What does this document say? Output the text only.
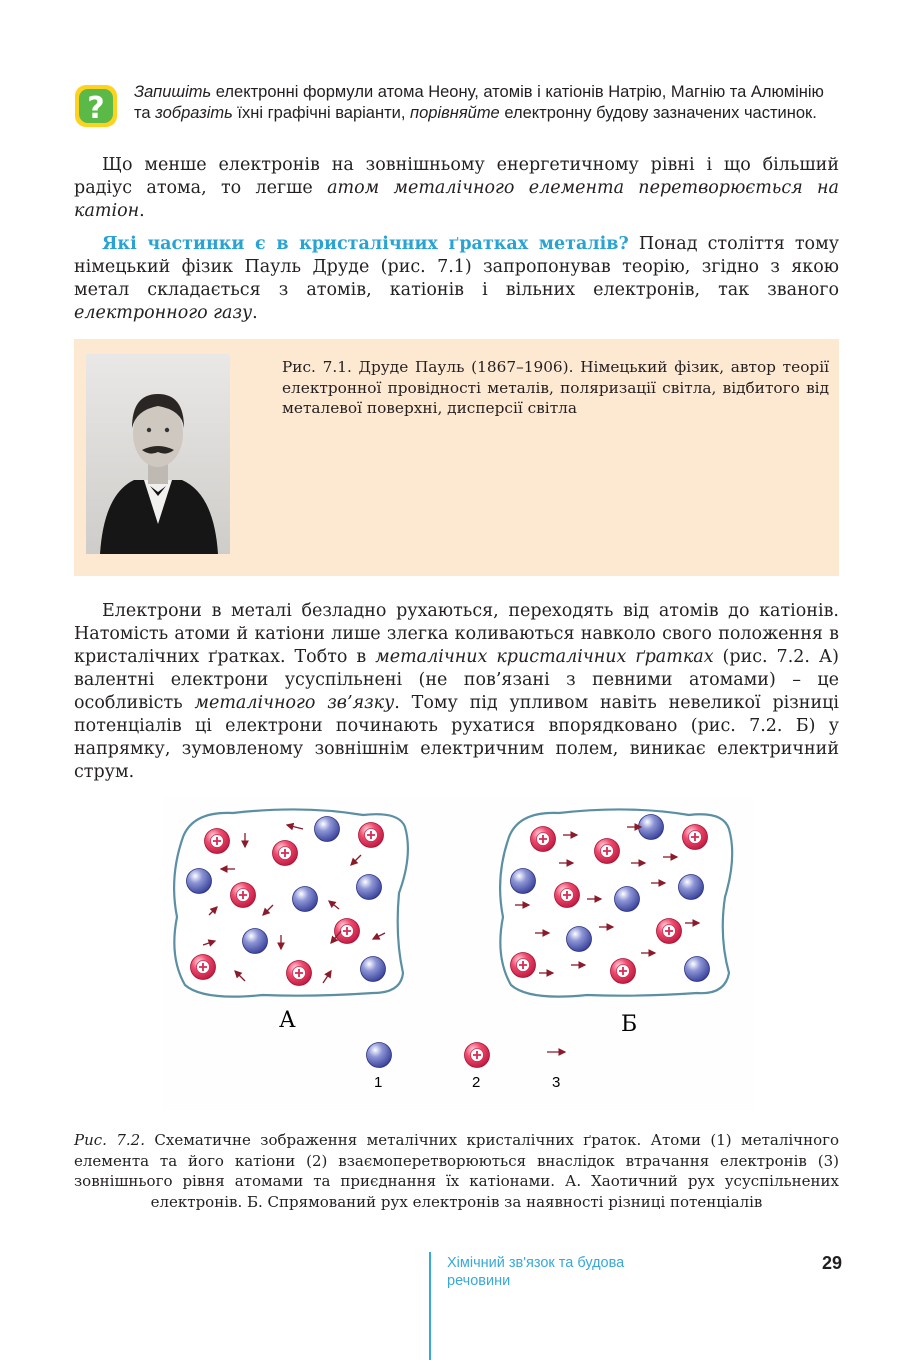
? Запишіть електронні формули атома Неону, атомів і катіонів Натрію, Магнію та Алюмінію та зобразіть їхні графічні варіанти, порівняйте електронну будову зазначених частинок.
Що менше електронів на зовнішньому енергетичному рівні і що більший радіус атома, то легше атом металічного елемента перетворюється на катіон.
Які частинки є в кристалічних ґратках металів? Понад століття тому німецький фізик Пауль Друде (рис. 7.1) запропонував теорію, згідно з якою метал складається з атомів, катіонів і вільних електронів, так званого електронного газу.
Рис. 7.1. Друде Пауль (1867–1906). Німецький фізик, автор теорії електронної провідності металів, поляризації світла, відбитого від металевої поверхні, дисперсії світла
Електрони в металі безладно рухаються, переходять від атомів до катіонів. Натомість атоми й катіони лише злегка коливаються навколо свого положення в кристалічних ґратках. Тобто в металічних кристалічних ґратках (рис. 7.2. А) валентні електрони усуспільнені (не пов’язані з певними атомами) – це особливість металічного зв’язку. Тому під упливом навіть невеликої різниці потенціалів ці електрони починають рухатися впорядковано (рис. 7.2. Б) у напрямку, зумовленому зовнішнім електричним полем, виникає електричний струм.
А	Б
1	2	3
Рис. 7.2. Схематичне зображення металічних кристалічних ґраток. Атоми (1) металічного елемента та його катіони (2) взаємоперетворюються внаслідок втрачання електронів (3) зовнішнього рівня атомами та приєднання їх катіонами. А. Хаотичний рух усуспільнених електронів. Б. Спрямований рух електронів за наявності різниці потенціалів
Хімічний зв'язок та будова речовини
29
